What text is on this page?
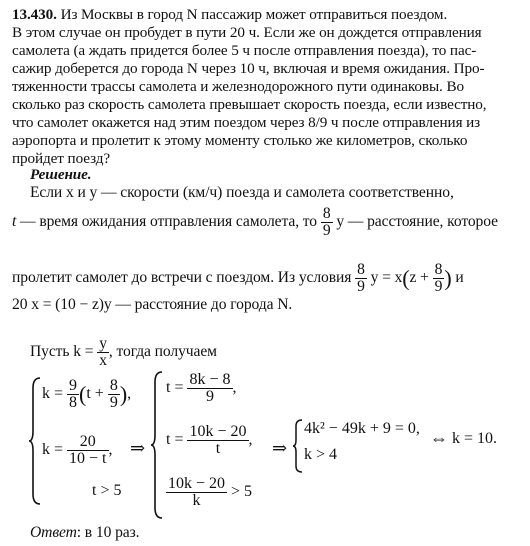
13.430. Из Москвы в город N пассажир может отправиться поездом.
В этом случае он пробудет в пути 20 ч. Если же он дождется отправления
самолета (а ждать придется более 5 ч после отправления поезда), то пас-
сажир доберется до города N через 10 ч, включая и время ожидания. Про-
тяженности трассы самолета и железнодорожного пути одинаковы. Во
сколько раз скорость самолета превышает скорость поезда, если известно,
что самолет окажется над этим поездом через 8/9 ч после отправления из
аэропорта и пролетит к этому моменту столько же километров, сколько
пройдет поезд?
Решение.
Если x и y — скорости (км/ч) поезда и самолета соответственно,
t — время ожидания отправления самолета, то $\frac{8}{9}$ y — расстояние, которое
пролетит самолет до встречи с поездом. Из условия $\frac{8}{9}$ $y = x(z + \frac{8}{9}$ ) и
20 x = (10 − z)y — расстояние до города N.
Пусть $k = \frac{y}{x}$ , тогда получаем
$k = \frac{9}{8} (t + \frac{8}{9}$ ),
$k = \frac{20}{10 - t}$ ,
t > 5
⇒
$t = \frac{8k - 8}{9}$ ,
$t = \frac{10k - 20}{t}$ ,
$\frac{10k - 20}{k} > 5$
⇒
4k² − 49k + 9 = 0,
k > 4
⇔ k = 10.
Ответ: в 10 раз.
